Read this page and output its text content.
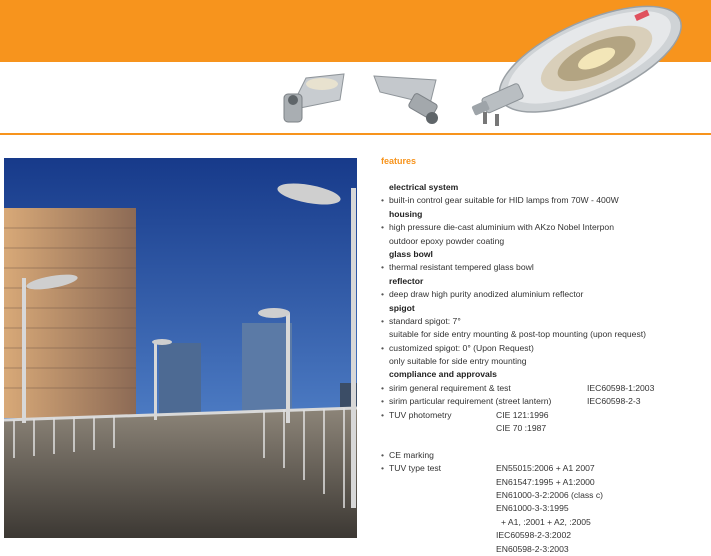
features
electrical system
• built-in control gear suitable for HID lamps from 70W - 400W
housing
• high pressure die-cast aluminium with AKzo Nobel Interpon
outdoor epoxy powder coating
glass bowl
• thermal resistant tempered glass bowl
reflector
• deep draw high purity anodized aluminium reflector
spigot
• standard spigot: 7°
suitable for side entry mounting & post-top mounting (upon request)
• customized spigot: 0° (Upon Request)
only suitable for side entry mounting
compliance and approvals
• sirim general requirement & test	IEC60598-1:2003
• sirim particular requirement (street lantern)	IEC60598-2-3
• TUV photometry	CIE 121:1996
CIE 70 :1987
• CE marking
• TUV type test	EN55015:2006 + A1 2007
EN61547:1995 + A1:2000
EN61000-3-2:2006 (class c)
EN61000-3-3:1995
+ A1, :2001 + A2, :2005
IEC60598-2-3:2002
EN60598-2-3:2003
